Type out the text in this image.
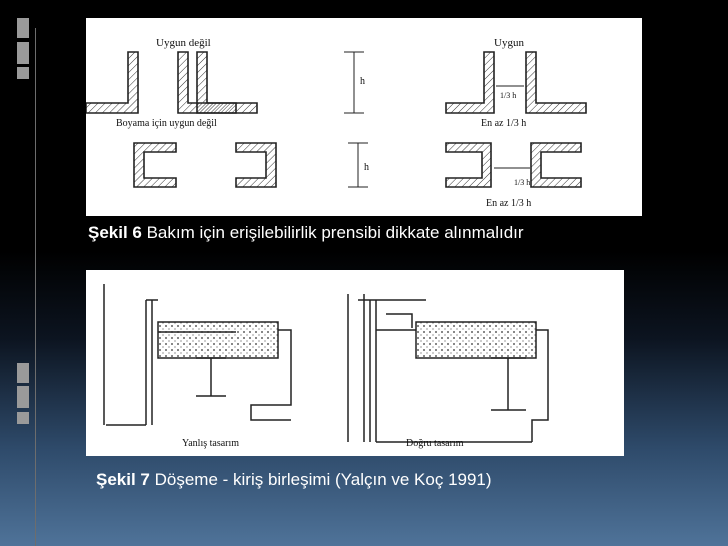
Uygun değil	Uygun
Boyama için uygun değil
h
h
1/3 h
1/3 h
En az 1/3 h
En az 1/3 h
Şekil 6 Bakım için erişilebilirlik prensibi dikkate alınmalıdır
Yanlış tasarım	Doğru tasarım
Şekil 7 Döşeme - kiriş birleşimi (Yalçın ve Koç 1991)
